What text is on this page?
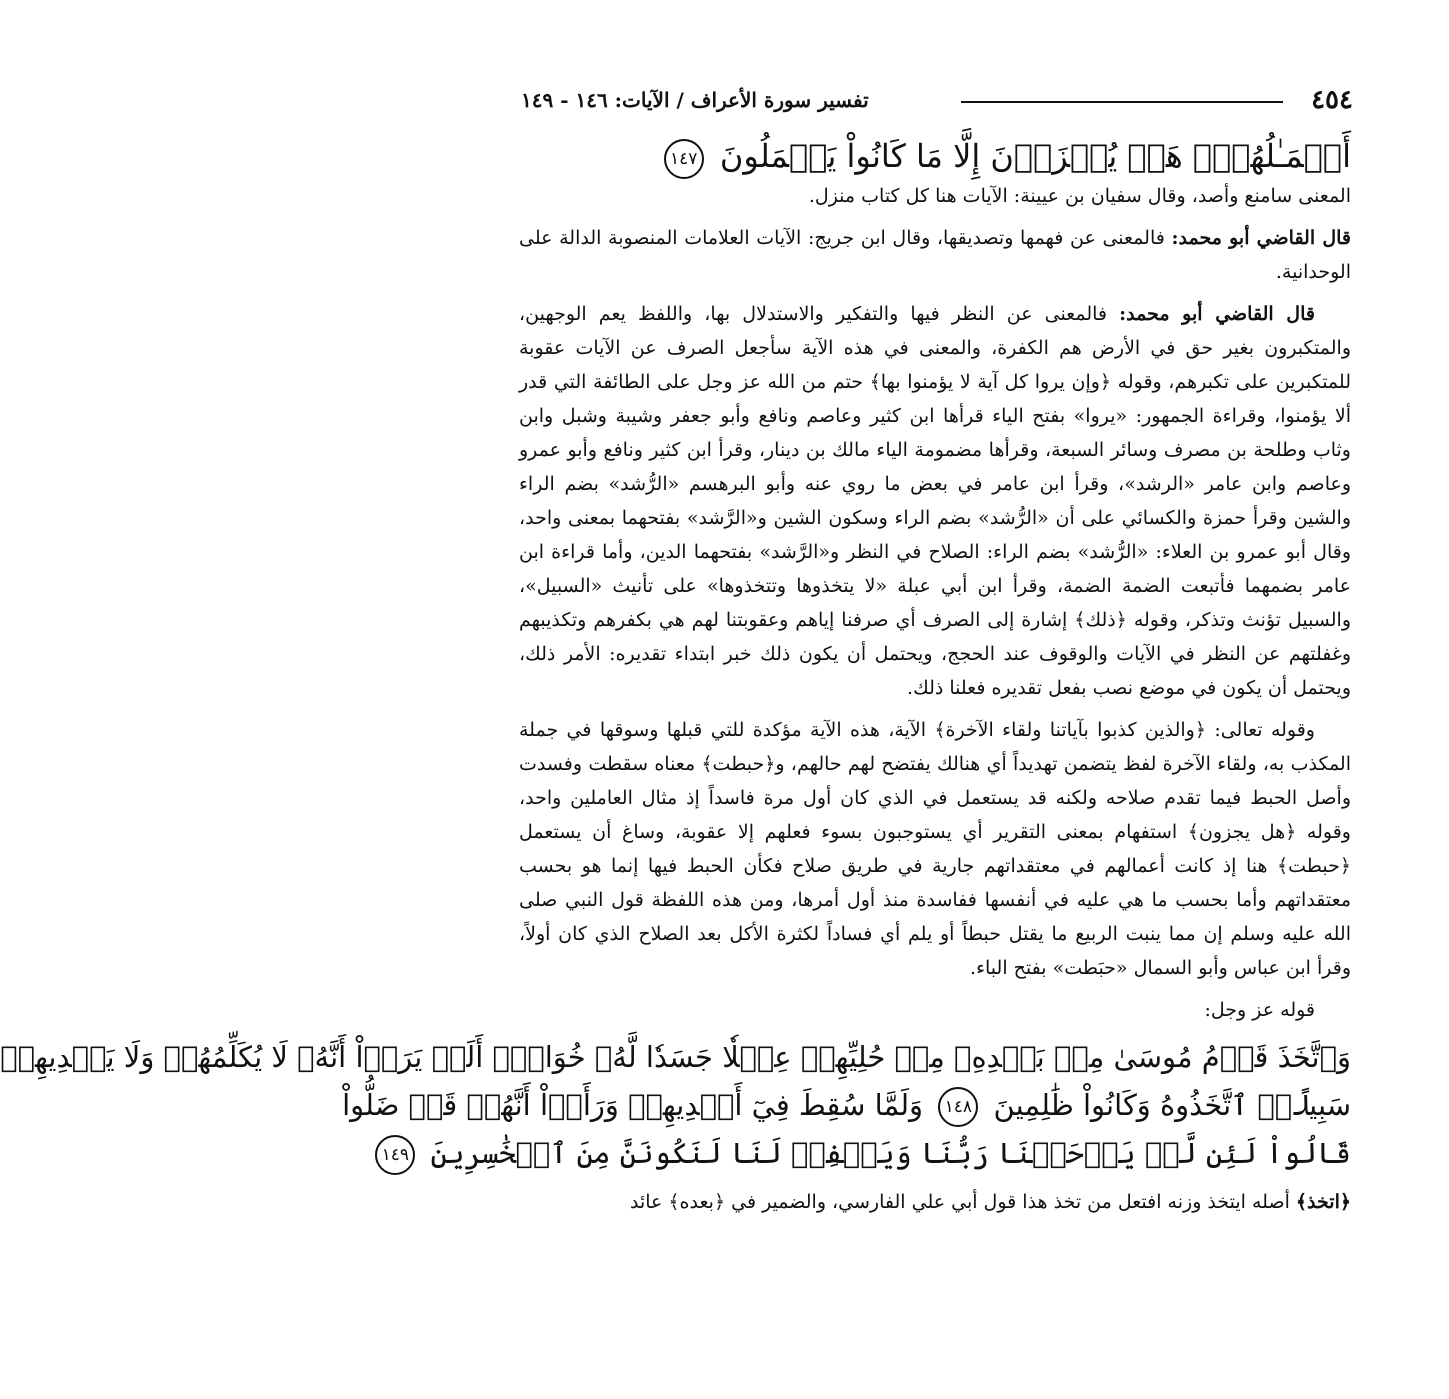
٤٥٤
تفسير سورة الأعراف / الآيات: ١٤٦ - ١٤٩
أَعۡمَـٰلُهُمۡۚ هَلۡ يُجۡزَوۡنَ إِلَّا مَا كَانُواْ يَعۡمَلُونَ ١٤٧

المعنى سامنع وأصد، وقال سفيان بن عيينة: الآيات هنا كل كتاب منزل.

قال القاضي أبو محمد: فالمعنى عن فهمها وتصديقها، وقال ابن جريج: الآيات العلامات المنصوبة الدالة على الوحدانية.

قال القاضي أبو محمد: فالمعنى عن النظر فيها والتفكير والاستدلال بها، واللفظ يعم الوجهين، والمتكبرون بغير حق في الأرض هم الكفرة، والمعنى في هذه الآية سأجعل الصرف عن الآيات عقوبة للمتكبرين على تكبرهم، وقوله ﴿وإن يروا كل آية لا يؤمنوا بها﴾ حتم من الله عز وجل على الطائفة التي قدر ألا يؤمنوا، وقراءة الجمهور: «يروا» بفتح الياء قرأها ابن كثير وعاصم ونافع وأبو جعفر وشيبة وشبل وابن وثاب وطلحة بن مصرف وسائر السبعة، وقرأها مضمومة الياء مالك بن دينار، وقرأ ابن كثير ونافع وأبو عمرو وعاصم وابن عامر «الرشد»، وقرأ ابن عامر في بعض ما روي عنه وأبو البرهسم «الرُّشد» بضم الراء والشين وقرأ حمزة والكسائي على أن «الرُّشد» بضم الراء وسكون الشين و«الرَّشد» بفتحهما بمعنى واحد، وقال أبو عمرو بن العلاء: «الرُّشد» بضم الراء: الصلاح في النظر و«الرَّشد» بفتحهما الدين، وأما قراءة ابن عامر بضمهما فأتبعت الضمة الضمة، وقرأ ابن أبي عبلة «لا يتخذوها وتتخذوها» على تأنيث «السبيل»، والسبيل تؤنث وتذكر، وقوله ﴿ذلك﴾ إشارة إلى الصرف أي صرفنا إياهم وعقوبتنا لهم هي بكفرهم وتكذيبهم وغفلتهم عن النظر في الآيات والوقوف عند الحجج، ويحتمل أن يكون ذلك خبر ابتداء تقديره: الأمر ذلك، ويحتمل أن يكون في موضع نصب بفعل تقديره فعلنا ذلك.

وقوله تعالى: ﴿والذين كذبوا بآياتنا ولقاء الآخرة﴾ الآية، هذه الآية مؤكدة للتي قبلها وسوقها في جملة المكذب به، ولقاء الآخرة لفظ يتضمن تهديداً أي هنالك يفتضح لهم حالهم، و﴿حبطت﴾ معناه سقطت وفسدت وأصل الحبط فيما تقدم صلاحه ولكنه قد يستعمل في الذي كان أول مرة فاسداً إذ مثال العاملين واحد، وقوله ﴿هل يجزون﴾ استفهام بمعنى التقرير أي يستوجبون بسوء فعلهم إلا عقوبة، وساغ أن يستعمل ﴿حبطت﴾ هنا إذ كانت أعمالهم في معتقداتهم جارية في طريق صلاح فكأن الحبط فيها إنما هو بحسب معتقداتهم وأما بحسب ما هي عليه في أنفسها ففاسدة منذ أول أمرها، ومن هذه اللفظة قول النبي صلى الله عليه وسلم إن مما ينبت الربيع ما يقتل حبطاً أو يلم أي فساداً لكثرة الأكل بعد الصلاح الذي كان أولاً، وقرأ ابن عباس وأبو السمال «حبَطت» بفتح الباء.

قوله عز وجل:
وَٱتَّخَذَ قَوۡمُ مُوسَىٰ مِنۢ بَعۡدِهِۦ مِنۡ حُلِيِّهِمۡ عِجۡلٗا جَسَدٗا لَّهُۥ خُوَارٌۚ أَلَمۡ يَرَوۡاْ أَنَّهُۥ لَا يُكَلِّمُهُمۡ وَلَا يَهۡدِيهِمۡ
سَبِيلًاۘ ٱتَّخَذُوهُ وَكَانُواْ ظَٰلِمِينَ ١٤٨ وَلَمَّا سُقِطَ فِيٓ أَيۡدِيهِمۡ وَرَأَوۡاْ أَنَّهُمۡ قَدۡ ضَلُّواْ
قَالُواْ لَئِن لَّمۡ يَرۡحَمۡنَا رَبُّنَا وَيَغۡفِرۡ لَنَا لَنَكُونَنَّ مِنَ ٱلۡخَٰسِرِينَ ١٤٩

﴿اتخذ﴾ أصله ايتخذ وزنه افتعل من تخذ هذا قول أبي علي الفارسي، والضمير في ﴿بعده﴾ عائد
